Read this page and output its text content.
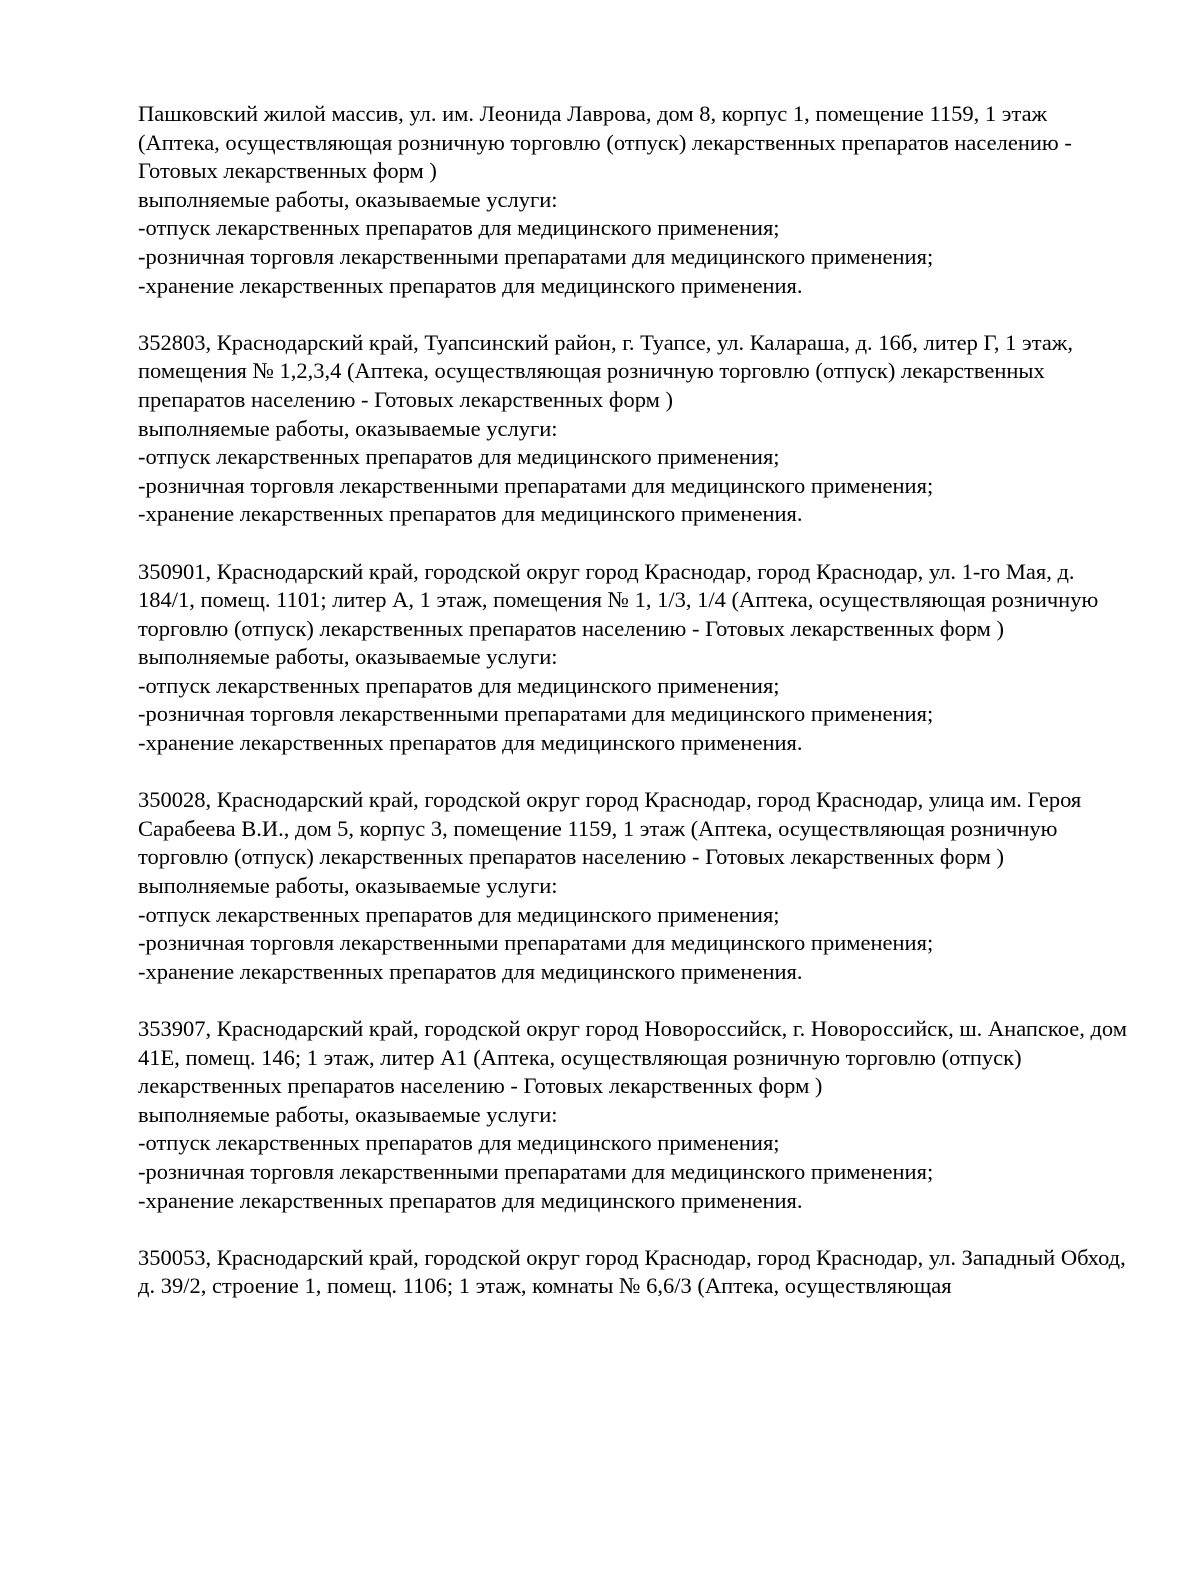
Пашковский жилой массив, ул. им. Леонида Лаврова, дом 8, корпус 1, помещение 1159, 1 этаж (Аптека, осуществляющая розничную торговлю (отпуск) лекарственных препаратов населению - Готовых лекарственных форм )

выполняемые работы, оказываемые услуги:

-отпуск лекарственных препаратов для медицинского применения;

-розничная торговля лекарственными препаратами для медицинского применения;

-хранение лекарственных препаратов для медицинского применения.

352803, Краснодарский край, Туапсинский район, г. Туапсе, ул. Калараша, д. 16б, литер Г, 1 этаж, помещения № 1,2,3,4 (Аптека, осуществляющая розничную торговлю (отпуск) лекарственных препаратов населению - Готовых лекарственных форм )

выполняемые работы, оказываемые услуги:

-отпуск лекарственных препаратов для медицинского применения;

-розничная торговля лекарственными препаратами для медицинского применения;

-хранение лекарственных препаратов для медицинского применения.

350901, Краснодарский край, городской округ город Краснодар, город Краснодар, ул. 1-го Мая, д. 184/1, помещ. 1101; литер А, 1 этаж, помещения № 1, 1/3, 1/4 (Аптека, осуществляющая розничную торговлю (отпуск) лекарственных препаратов населению - Готовых лекарственных форм )

выполняемые работы, оказываемые услуги:

-отпуск лекарственных препаратов для медицинского применения;

-розничная торговля лекарственными препаратами для медицинского применения;

-хранение лекарственных препаратов для медицинского применения.

350028, Краснодарский край, городской округ город Краснодар, город Краснодар, улица им. Героя Сарабеева В.И., дом 5, корпус 3, помещение 1159, 1 этаж (Аптека, осуществляющая розничную торговлю (отпуск) лекарственных препаратов населению - Готовых лекарственных форм )

выполняемые работы, оказываемые услуги:

-отпуск лекарственных препаратов для медицинского применения;

-розничная торговля лекарственными препаратами для медицинского применения;

-хранение лекарственных препаратов для медицинского применения.

353907, Краснодарский край, городской округ город Новороссийск, г. Новороссийск, ш. Анапское, дом 41Е, помещ. 146; 1 этаж, литер А1 (Аптека, осуществляющая розничную торговлю (отпуск) лекарственных препаратов населению - Готовых лекарственных форм )

выполняемые работы, оказываемые услуги:

-отпуск лекарственных препаратов для медицинского применения;

-розничная торговля лекарственными препаратами для медицинского применения;

-хранение лекарственных препаратов для медицинского применения.

350053, Краснодарский край, городской округ город Краснодар, город Краснодар, ул. Западный Обход, д. 39/2, строение 1, помещ. 1106; 1 этаж, комнаты № 6,6/3 (Аптека, осуществляющая
